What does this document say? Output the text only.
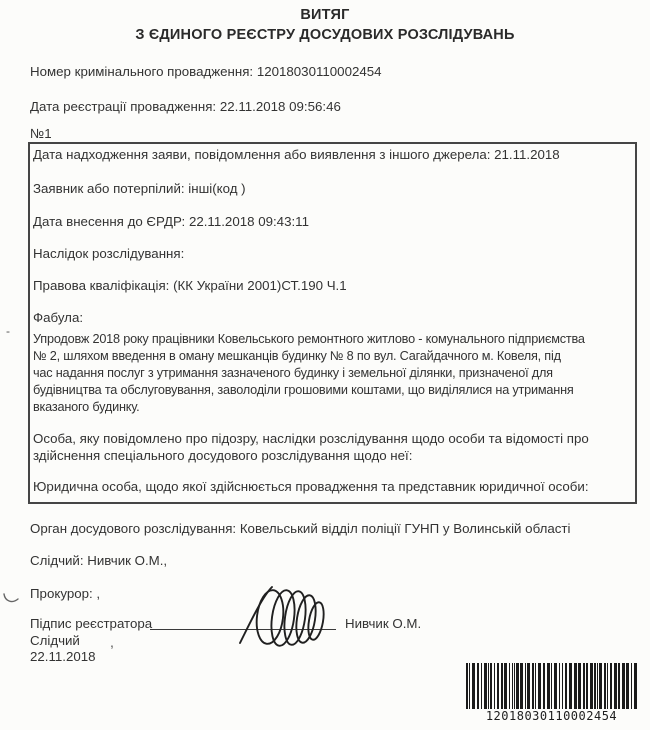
ВИТЯГ
З ЄДИНОГО РЕЄСТРУ ДОСУДОВИХ РОЗСЛІДУВАНЬ
Номер кримінального провадження: 12018030110002454
Дата реєстрації провадження: 22.11.2018 09:56:46
№1
Дата надходження заяви, повідомлення або виявлення з іншого джерела: 21.11.2018
Заявник або потерпілий: інші(код )
Дата внесення до ЄРДР: 22.11.2018 09:43:11
Наслідок розслідування:
Правова кваліфікація: (КК України 2001)СТ.190 Ч.1
Фабула:
Упродовж 2018 року працівники Ковельського ремонтного житлово - комунального підприємства
№ 2, шляхом введення в оману мешканців будинку № 8 по вул. Сагайдачного м. Ковеля, під
час надання послуг з утримання зазначеного будинку і земельної ділянки, призначеної для
будівництва та обслуговування, заволоділи грошовими коштами, що виділялися на утримання
вказаного будинку.
Особа, яку повідомлено про підозру, наслідки розслідування щодо особи та відомості про
здійснення спеціального досудового розслідування щодо неї:
Юридична особа, щодо якої здійснюється провадження та представник юридичної особи:
Орган досудового розслідування: Ковельський відділ поліції ГУНП у Волинській області
Слідчий: Нивчик О.М.,
Прокурор: ,
Підпис реєстратора	Нивчик О.М.
Слідчий
22.11.2018
12018030110002454
-
,
